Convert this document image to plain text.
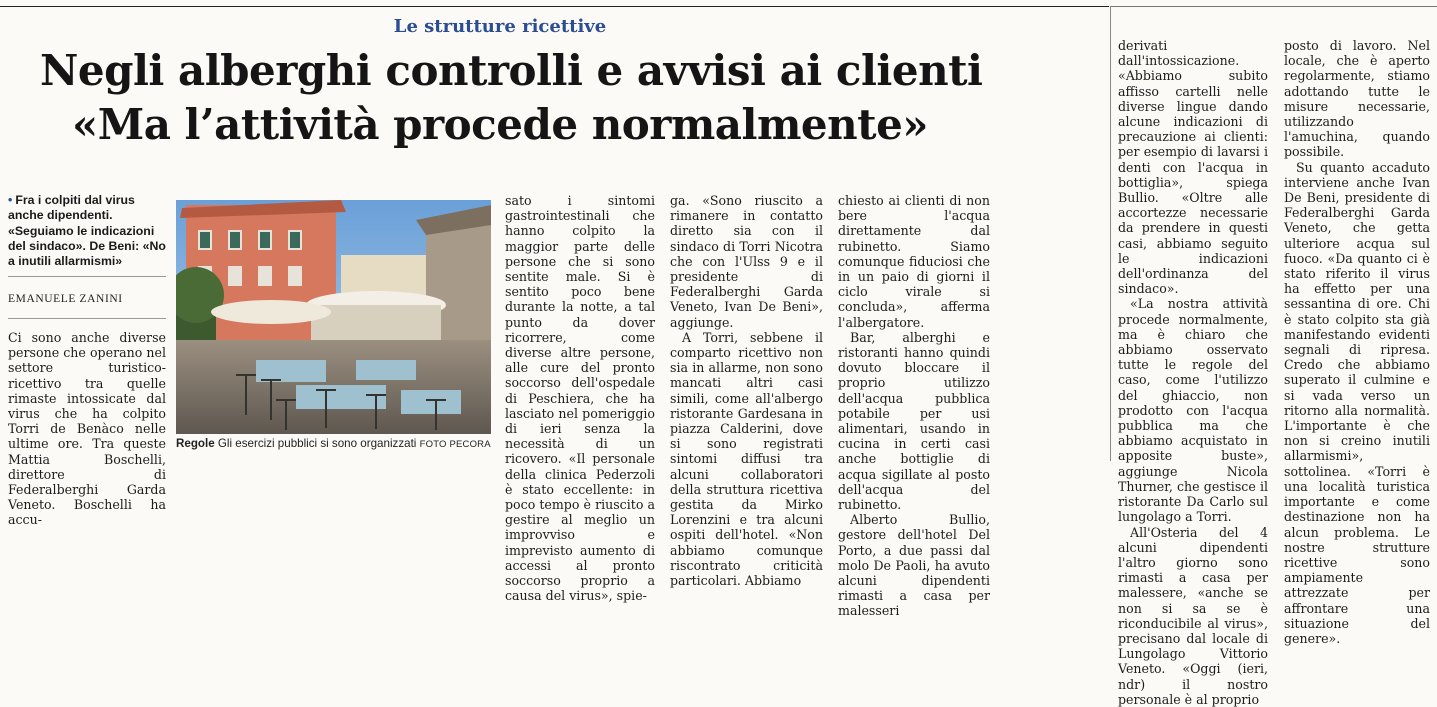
Le strutture ricettive
Negli alberghi controlli e avvisi ai clienti
«Ma l’attività procede normalmente»
• Fra i colpiti dal virus anche dipendenti. «Seguiamo le indicazioni del sindaco». De Beni: «No a inutili allarmismi»
EMANUELE ZANINI

Ci sono anche diverse persone che operano nel settore turistico-ricettivo tra quelle rimaste intossicate dal virus che ha colpito Torri de Benàco nelle ultime ore. Tra queste Mattia Boschelli, direttore di Federalberghi Garda Veneto. Boschelli ha accu-

Regole Gli esercizi pubblici si sono organizzati FOTO PECORA

sato i sintomi gastrointestinali che hanno colpito la maggior parte delle persone che si sono sentite male. Si è sentito poco bene durante la notte, a tal punto da dover ricorrere, come diverse altre persone, alle cure del pronto soccorso dell'ospedale di Peschiera, che ha lasciato nel pomeriggio di ieri senza la necessità di un ricovero. «Il personale della clinica Pederzoli è stato eccellente: in poco tempo è riuscito a gestire al meglio un improvviso e imprevisto aumento di accessi al pronto soccorso proprio a causa del virus», spie-

ga. «Sono riuscito a rimanere in contatto diretto sia con il sindaco di Torri Nicotra che con l'Ulss 9 e il presidente di Federalberghi Garda Veneto, Ivan De Beni», aggiunge.

A Torri, sebbene il comparto ricettivo non sia in allarme, non sono mancati altri casi simili, come all'albergo ristorante Gardesana in piazza Calderini, dove si sono registrati sintomi diffusi tra alcuni collaboratori della struttura ricettiva gestita da Mirko Lorenzini e tra alcuni ospiti dell'hotel. «Non abbiamo comunque riscontrato criticità particolari. Abbiamo

chiesto ai clienti di non bere l'acqua direttamente dal rubinetto. Siamo comunque fiduciosi che in un paio di giorni il ciclo virale si concluda», afferma l'albergatore.

Bar, alberghi e ristoranti hanno quindi dovuto bloccare il proprio utilizzo dell'acqua pubblica potabile per usi alimentari, usando in cucina in certi casi anche bottiglie di acqua sigillate al posto dell'acqua del rubinetto.

Alberto Bullio, gestore dell'hotel Del Porto, a due passi dal molo De Paoli, ha avuto alcuni dipendenti rimasti a casa per malesseri

derivati dall'intossicazione. «Abbiamo subito affisso cartelli nelle diverse lingue dando alcune indicazioni di precauzione ai clienti: per esempio di lavarsi i denti con l'acqua in bottiglia», spiega Bullio. «Oltre alle accortezze necessarie da prendere in questi casi, abbiamo seguito le indicazioni dell'ordinanza del sindaco».

«La nostra attività procede normalmente, ma è chiaro che abbiamo osservato tutte le regole del caso, come l'utilizzo del ghiaccio, non prodotto con l'acqua pubblica ma che abbiamo acquistato in apposite buste», aggiunge Nicola Thurner, che gestisce il ristorante Da Carlo sul lungolago a Torri.

All'Osteria del 4 alcuni dipendenti l'altro giorno sono rimasti a casa per malessere, «anche se non si sa se è riconducibile al virus», precisano dal locale di Lungolago Vittorio Veneto. «Oggi (ieri, ndr) il nostro personale è al proprio

posto di lavoro. Nel locale, che è aperto regolarmente, stiamo adottando tutte le misure necessarie, utilizzando l'amuchina, quando possibile.

Su quanto accaduto interviene anche Ivan De Beni, presidente di Federalberghi Garda Veneto, che getta ulteriore acqua sul fuoco. «Da quanto ci è stato riferito il virus ha effetto per una sessantina di ore. Chi è stato colpito sta già manifestando evidenti segnali di ripresa. Credo che abbiamo superato il culmine e si vada verso un ritorno alla normalità. L'importante è che non si creino inutili allarmismi», sottolinea. «Torri è una località turistica importante e come destinazione non ha alcun problema. Le nostre strutture ricettive sono ampiamente attrezzate per affrontare una situazione del genere».
